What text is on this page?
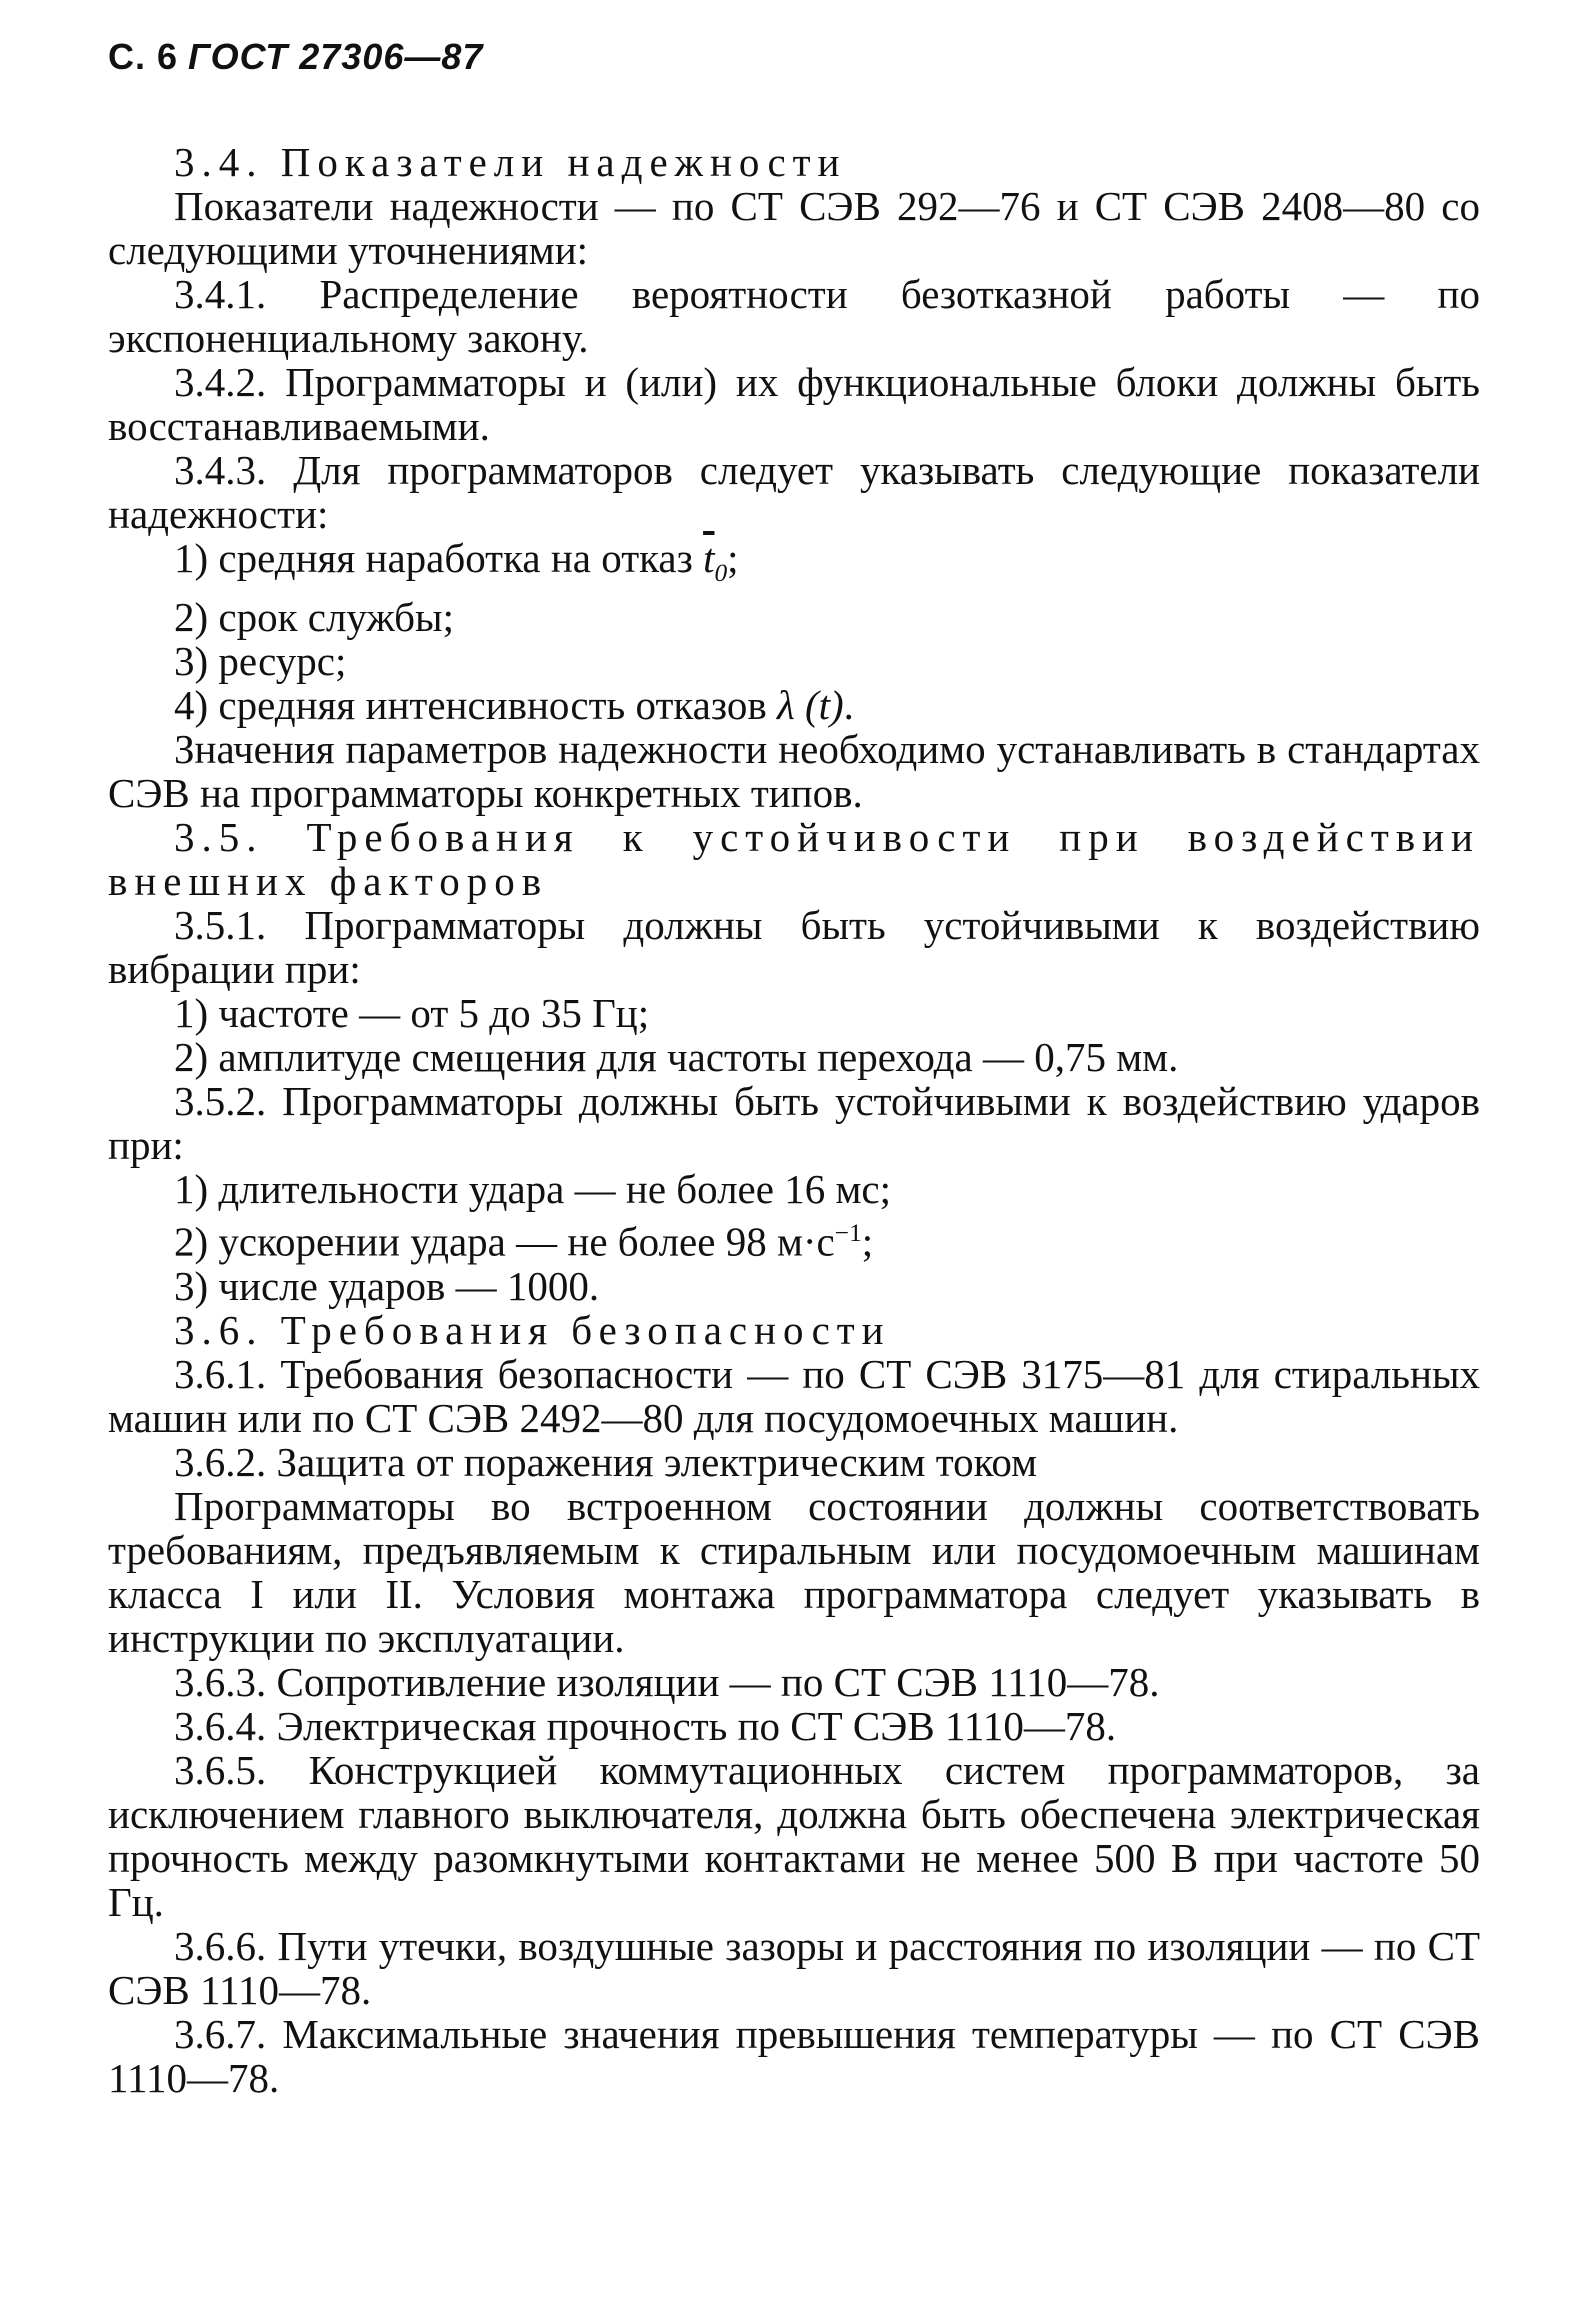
С. 6 ГОСТ 27306—87
3.4. Показатели надежности
Показатели надежности — по СТ СЭВ 292—76 и СТ СЭВ 2408—80 со следующими уточнениями:
3.4.1. Распределение вероятности безотказной работы — по экспоненциальному закону.
3.4.2. Программаторы и (или) их функциональные блоки должны быть восстанавливаемыми.
3.4.3. Для программаторов следует указывать следующие показатели надежности:
1) средняя наработка на отказ $\overline{t}_0$;
2) срок службы;
3) ресурс;
4) средняя интенсивность отказов λ (t).
Значения параметров надежности необходимо устанавливать в стандартах СЭВ на программаторы конкретных типов.
3.5. Требования к устойчивости при воздействии внешних факторов
3.5.1. Программаторы должны быть устойчивыми к воздействию вибрации при:
1) частоте — от 5 до 35 Гц;
2) амплитуде смещения для частоты перехода — 0,75 мм.
3.5.2. Программаторы должны быть устойчивыми к воздействию ударов при:
1) длительности удара — не более 16 мс;
2) ускорении удара — не более 98 $м\cdot с^{-1}$;
3) числе ударов — 1000.
3.6. Требования безопасности
3.6.1. Требования безопасности — по СТ СЭВ 3175—81 для стиральных машин или по СТ СЭВ 2492—80 для посудомоечных машин.
3.6.2. Защита от поражения электрическим током
Программаторы во встроенном состоянии должны соответствовать требованиям, предъявляемым к стиральным или посудомоечным машинам класса I или II. Условия монтажа программатора следует указывать в инструкции по эксплуатации.
3.6.3. Сопротивление изоляции — по СТ СЭВ 1110—78.
3.6.4. Электрическая прочность по СТ СЭВ 1110—78.
3.6.5. Конструкцией коммутационных систем программаторов, за исключением главного выключателя, должна быть обеспечена электрическая прочность между разомкнутыми контактами не менее 500 В при частоте 50 Гц.
3.6.6. Пути утечки, воздушные зазоры и расстояния по изоляции — по СТ СЭВ 1110—78.
3.6.7. Максимальные значения превышения температуры — по СТ СЭВ 1110—78.
